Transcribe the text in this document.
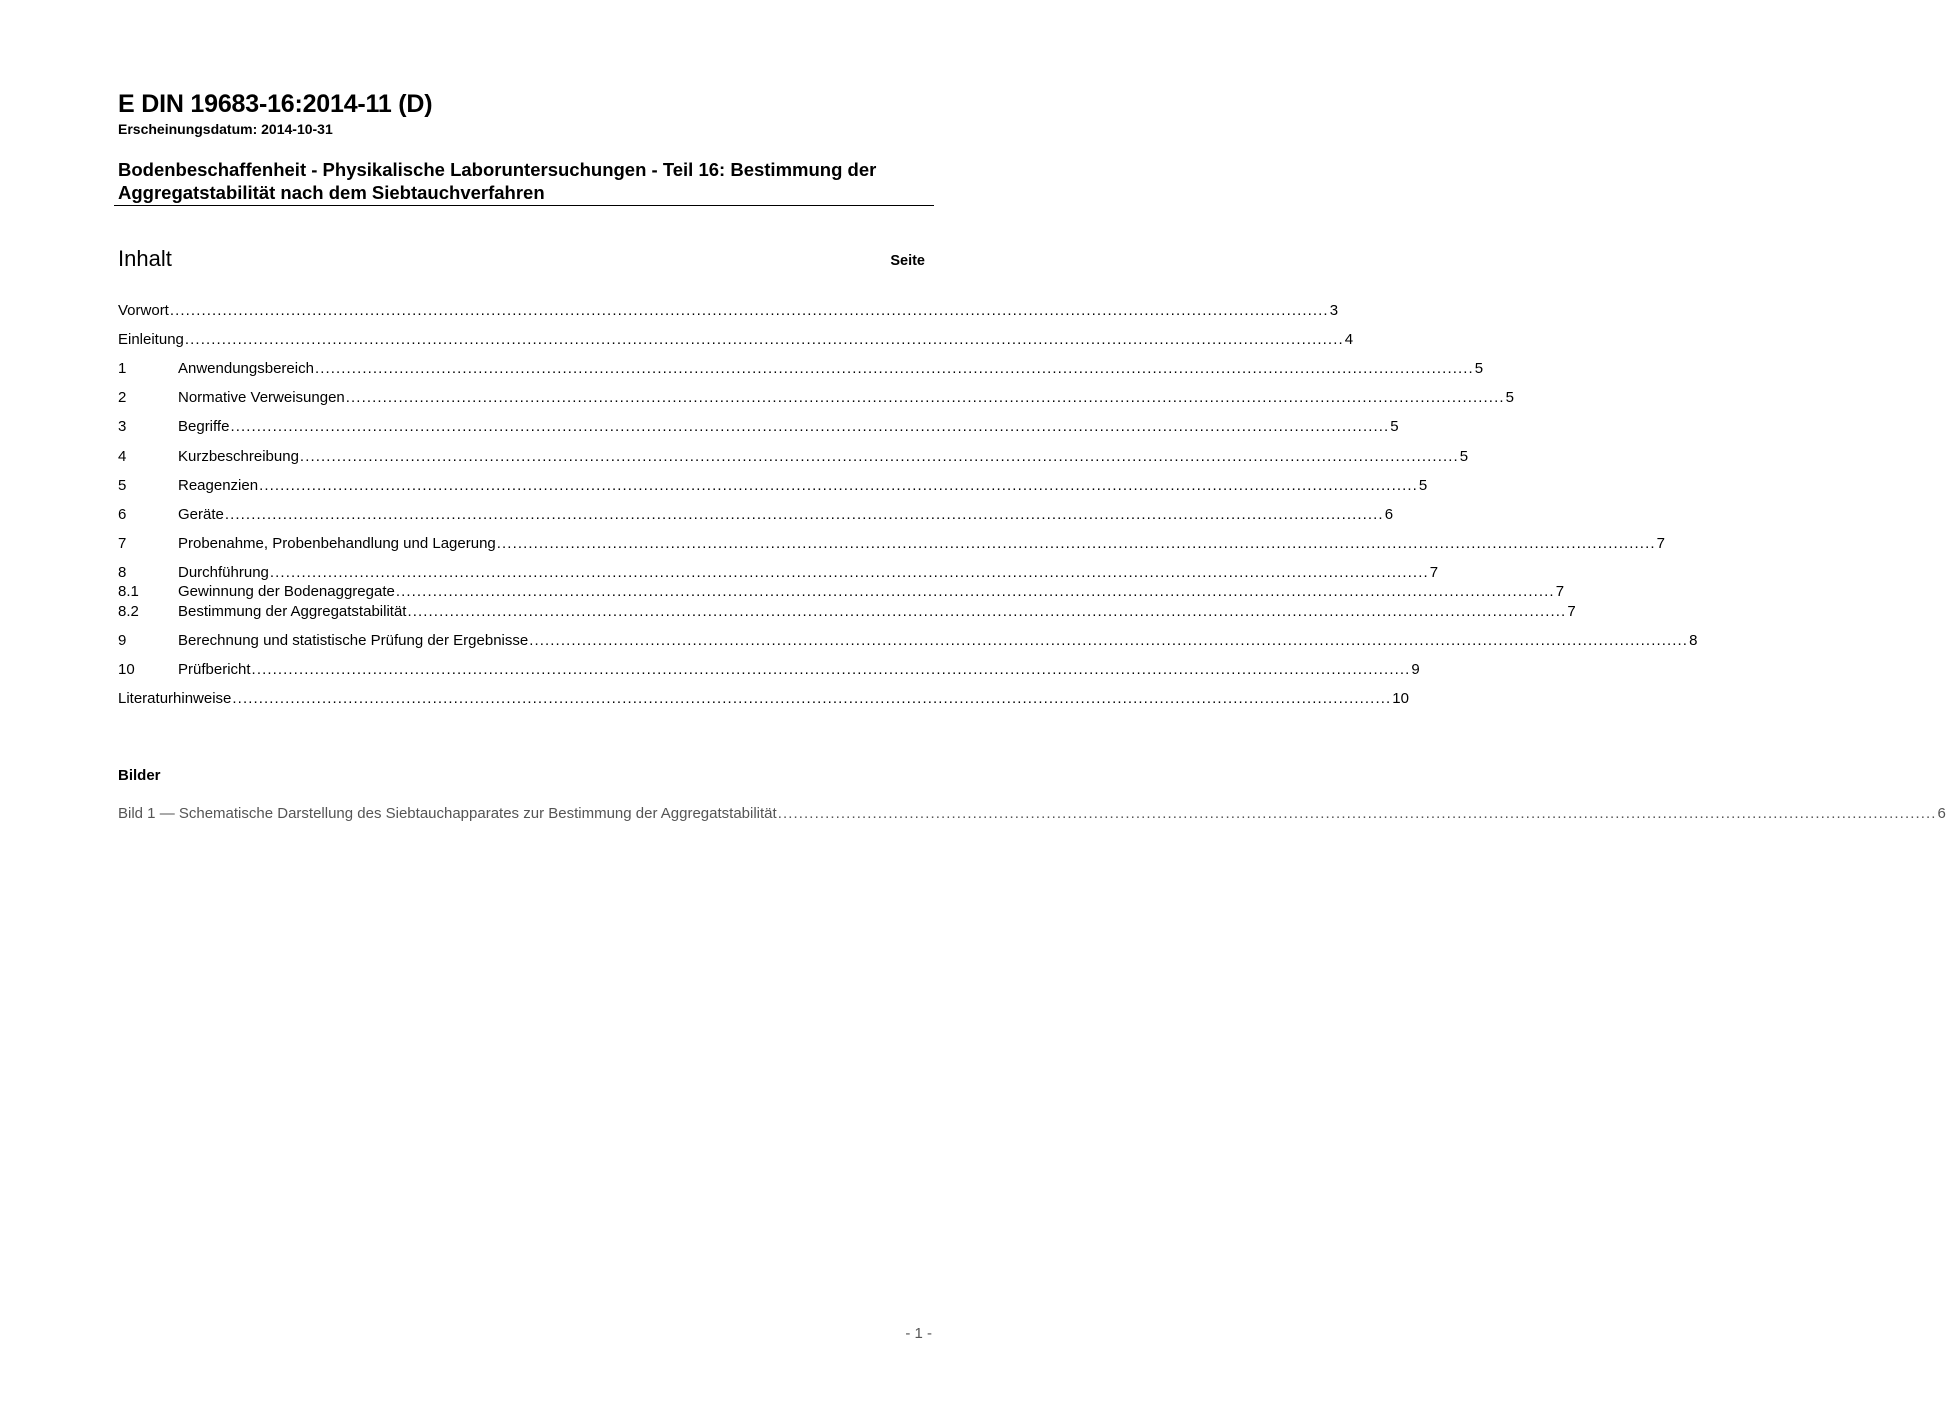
E DIN 19683-16:2014-11 (D)
Erscheinungsdatum: 2014-10-31
Bodenbeschaffenheit - Physikalische Laboruntersuchungen - Teil 16: Bestimmung der Aggregatstabilität nach dem Siebtauchverfahren
Inhalt	Seite
Vorwort ............................................................................................................................................................................................................................ 3
Einleitung ............................................................................................................................................................................................................................ 4
1	Anwendungsbereich ............................................................................................................................................................................................................................ 5
2	Normative Verweisungen ............................................................................................................................................................................................................................ 5
3	Begriffe ............................................................................................................................................................................................................................ 5
4	Kurzbeschreibung ............................................................................................................................................................................................................................ 5
5	Reagenzien ............................................................................................................................................................................................................................ 5
6	Geräte ............................................................................................................................................................................................................................ 6
7	Probenahme, Probenbehandlung und Lagerung ............................................................................................................................................................................................................................ 7
8	Durchführung ............................................................................................................................................................................................................................ 7
8.1	Gewinnung der Bodenaggregate ............................................................................................................................................................................................................................ 7
8.2	Bestimmung der Aggregatstabilität ............................................................................................................................................................................................................................ 7
9	Berechnung und statistische Prüfung der Ergebnisse ............................................................................................................................................................................................................................ 8
10	Prüfbericht ............................................................................................................................................................................................................................ 9
Literaturhinweise ............................................................................................................................................................................................................................ 10
Bilder
Bild 1 — Schematische Darstellung des Siebtauchapparates zur Bestimmung der Aggregatstabilität ............................................................................................................................................................................................................................ 6
- 1 -
